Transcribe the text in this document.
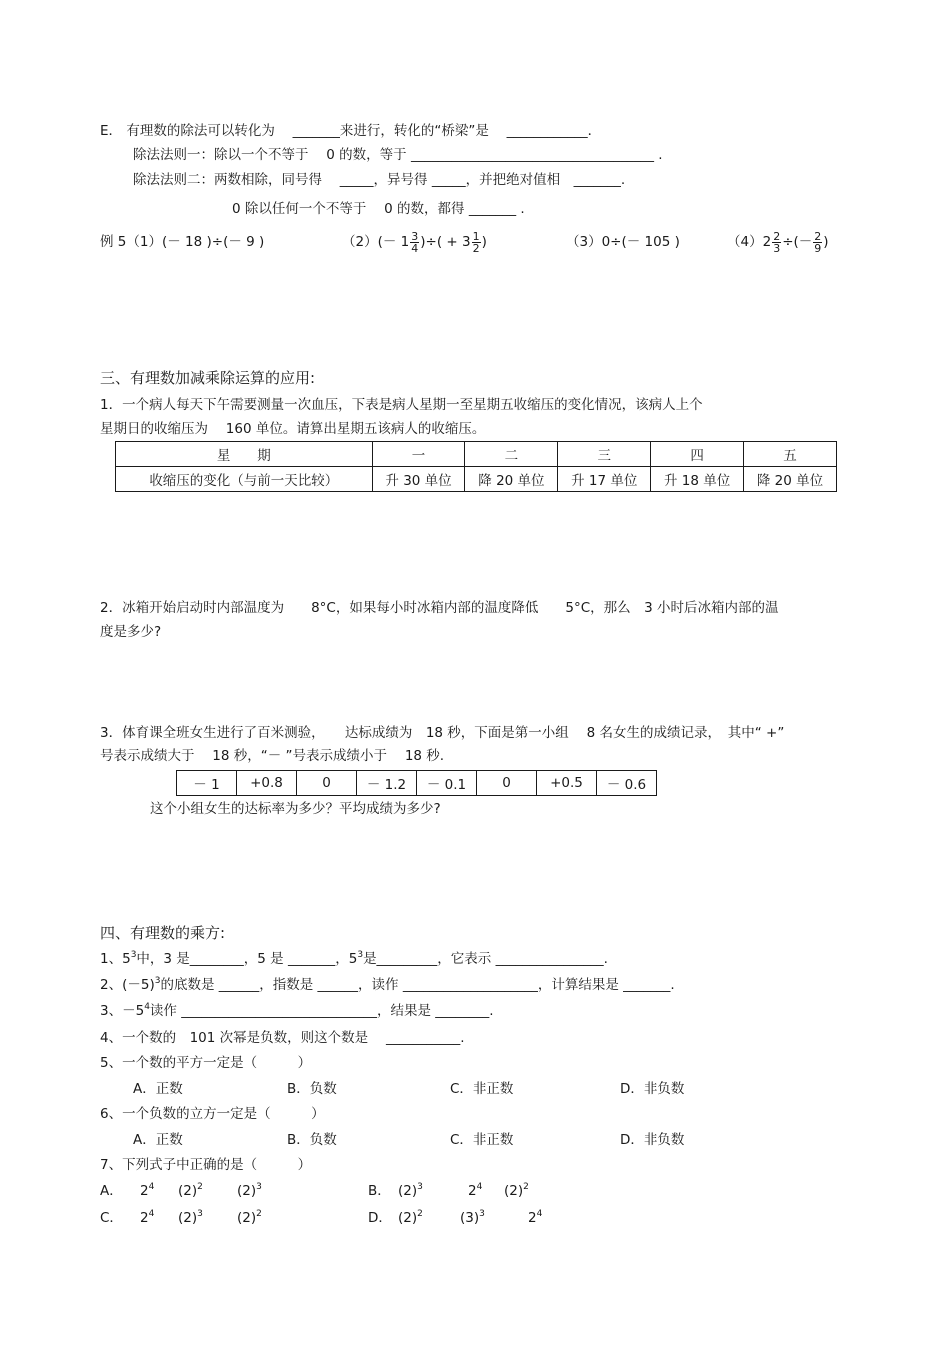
E． 有理数的除法可以转化为　 _______来进行，转化的“桥梁”是　 ____________．
除法法则一：除以一个不等于　 0 的数，等于 ____________________________________ .
除法法则二：两数相除，同号得　 _____，异号得 _____，并把绝对值相　_______.
0 除以任何一个不等于　 0 的数，都得 _______ .
例 5（1）(－ 18 )÷(－ 9 )	$(2)(- 1 \frac{3}{4}$ )÷( + $3 \frac{1}{2}$ )	（3）0÷(－ 105 )	$(4)2 \frac{2}{3}$ ÷(－ $\frac{2}{9}$ )
三、有理数加减乘除运算的应用:
1．一个病人每天下午需要测量一次血压，下表是病人星期一至星期五收缩压的变化情况，该病人上个
星期日的收缩压为　 160 单位。请算出星期五该病人的收缩压。
星　　期	一	二	三	四	五
收缩压的变化（与前一天比较）	升 30 单位	降 20 单位	升 17 单位	升 18 单位	降 20 单位
2．冰箱开始启动时内部温度为　　8°C，如果每小时冰箱内部的温度降低　　5°C，那么　3 小时后冰箱内部的温
度是多少?
3．体育课全班女生进行了百米测验，　　达标成绩为　18 秒，下面是第一小组　 8 名女生的成绩记录，　其中“ +”
号表示成绩大于　 18 秒，“－ ”号表示成绩小于　 18 秒.
－ 1	+0.8	0	－ 1.2	－ 0.1	0	+0.5	－ 0.6
这个小组女生的达标率为多少？平均成绩为多少?
四、有理数的乘方:
1、$5^3$中，3 是________，5 是 _______，$5^3$是_________，它表示 ________________.
2、$(-5)^3$的底数是 ______，指数是 ______，读作 ____________________，计算结果是 _______.
3、$-5^4$读作 _____________________________，结果是 ________.
4、一个数的　101 次幂是负数，则这个数是　 ___________.
5、一个数的平方一定是（　　　）
A．正数	B．负数	C．非正数	D．非负数
6、一个负数的立方一定是（　　　）
A．正数	B．负数	C．非正数	D．非负数
7、下列式子中正确的是（　　　）
A． $2^4$ $(2)^2$	$(2)^3$	B． $(2)^3$	$2^4$ $(2)^2$
C． $2^4$ $(2)^3$	$(2)^2$	D． $(2)^2$	$(3)^3$	$2^4$
